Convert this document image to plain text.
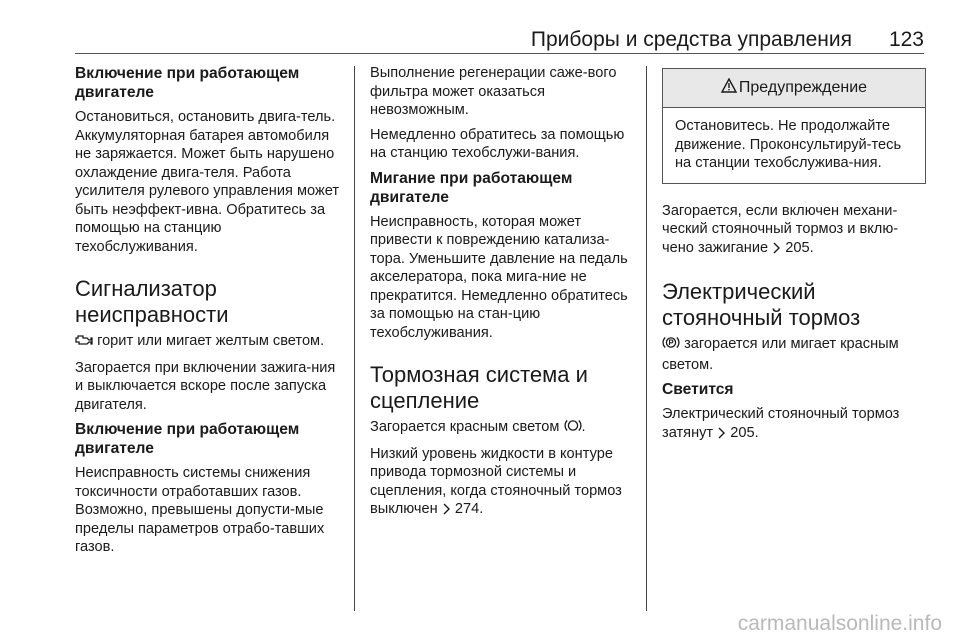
Приборы и средства управления 123
Включение при работающем двигателе

Остановиться, остановить двига-тель. Аккумуляторная батарея автомобиля не заряжается. Может быть нарушено охлаждение двига-теля. Работа усилителя рулевого управления может быть неэффект-ивна. Обратитесь за помощью на станцию техобслуживания.

Сигнализатор неисправности

горит или мигает желтым светом.

Загорается при включении зажига-ния и выключается вскоре после запуска двигателя.

Включение при работающем двигателе

Неисправность системы снижения токсичности отработавших газов. Возможно, превышены допусти-мые пределы параметров отрабо-тавших газов.

Выполнение регенерации саже-вого фильтра может оказаться невозможным.

Немедленно обратитесь за помощью на станцию техобслужи-вания.

Мигание при работающем двигателе

Неисправность, которая может привести к повреждению катализа-тора. Уменьшите давление на педаль акселератора, пока мига-ние не прекратится. Немедленно обратитесь за помощью на стан-цию техобслуживания.

Тормозная система и сцепление

Загорается красным светом .

Низкий уровень жидкости в контуре привода тормозной системы и сцепления, когда стояночный тормоз выключен 274.

Предупреждение
Остановитесь. Не продолжайте движение. Проконсультируй-тесь на станции техобслужива-ния.

Загорается, если включен механи-ческий стояночный тормоз и вклю-чено зажигание 205.

Электрический стояночный тормоз

загорается или мигает красным светом.

Светится

Электрический стояночный тормоз затянут 205.

carmanualsonline.info
